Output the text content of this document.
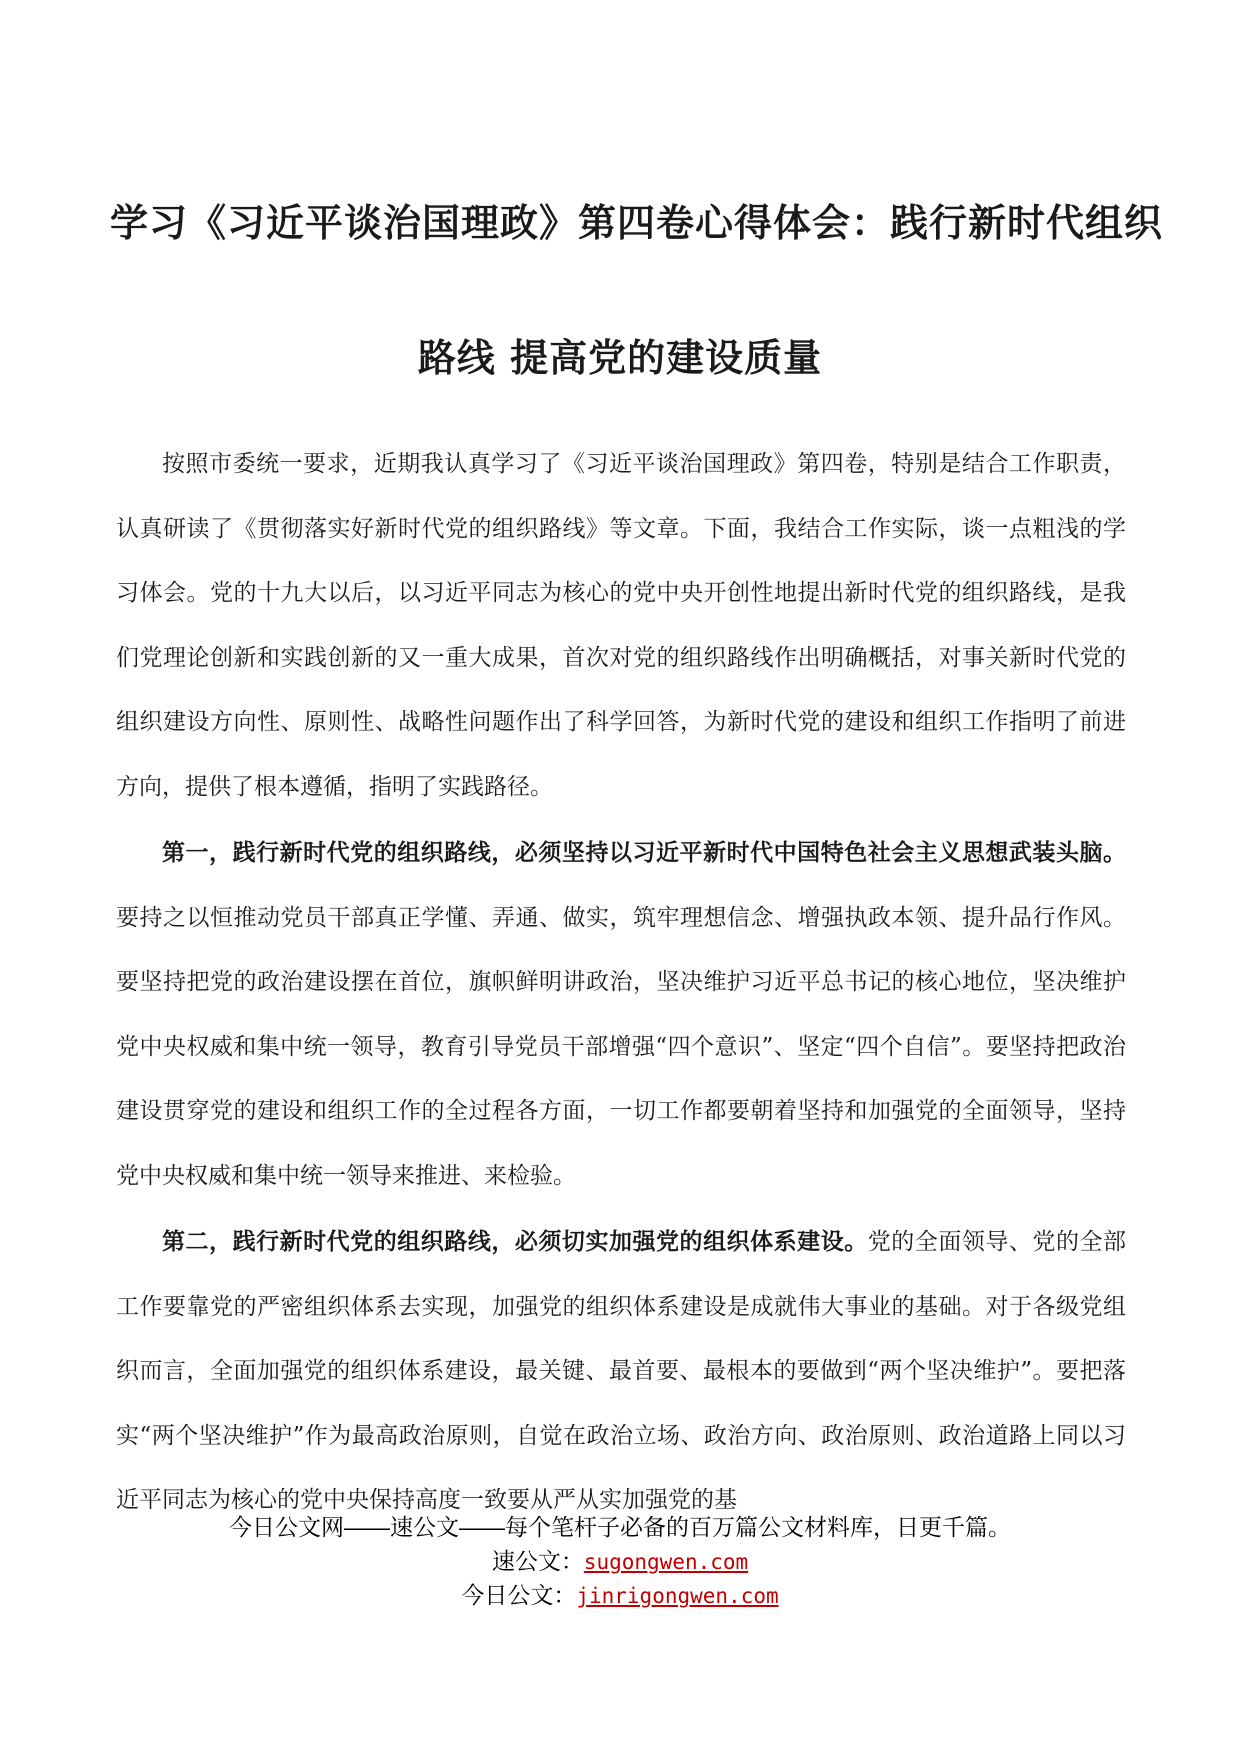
学习《习近平谈治国理政》第四卷心得体会：践行新时代组织
路线 提高党的建设质量

按照市委统一要求，近期我认真学习了《习近平谈治国理政》第四卷，特别是结合工作职责，认真研读了《贯彻落实好新时代党的组织路线》等文章。下面，我结合工作实际，谈一点粗浅的学习体会。党的十九大以后，以习近平同志为核心的党中央开创性地提出新时代党的组织路线，是我们党理论创新和实践创新的又一重大成果，首次对党的组织路线作出明确概括，对事关新时代党的组织建设方向性、原则性、战略性问题作出了科学回答，为新时代党的建设和组织工作指明了前进方向，提供了根本遵循，指明了实践路径。

第一，践行新时代党的组织路线，必须坚持以习近平新时代中国特色社会主义思想武装头脑。要持之以恒推动党员干部真正学懂、弄通、做实，筑牢理想信念、增强执政本领、提升品行作风。要坚持把党的政治建设摆在首位，旗帜鲜明讲政治，坚决维护习近平总书记的核心地位，坚决维护党中央权威和集中统一领导，教育引导党员干部增强“四个意识”、坚定“四个自信”。要坚持把政治建设贯穿党的建设和组织工作的全过程各方面，一切工作都要朝着坚持和加强党的全面领导，坚持党中央权威和集中统一领导来推进、来检验。

第二，践行新时代党的组织路线，必须切实加强党的组织体系建设。党的全面领导、党的全部工作要靠党的严密组织体系去实现，加强党的组织体系建设是成就伟大事业的基础。对于各级党组织而言，全面加强党的组织体系建设，最关键、最首要、最根本的要做到“两个坚决维护”。要把落实“两个坚决维护”作为最高政治原则，自觉在政治立场、政治方向、政治原则、政治道路上同以习近平同志为核心的党中央保持高度一致要从严从实加强党的基

今日公文网——速公文——每个笔杆子必备的百万篇公文材料库，日更千篇。
速公文：sugongwen.com
今日公文：jinrigongwen.com
